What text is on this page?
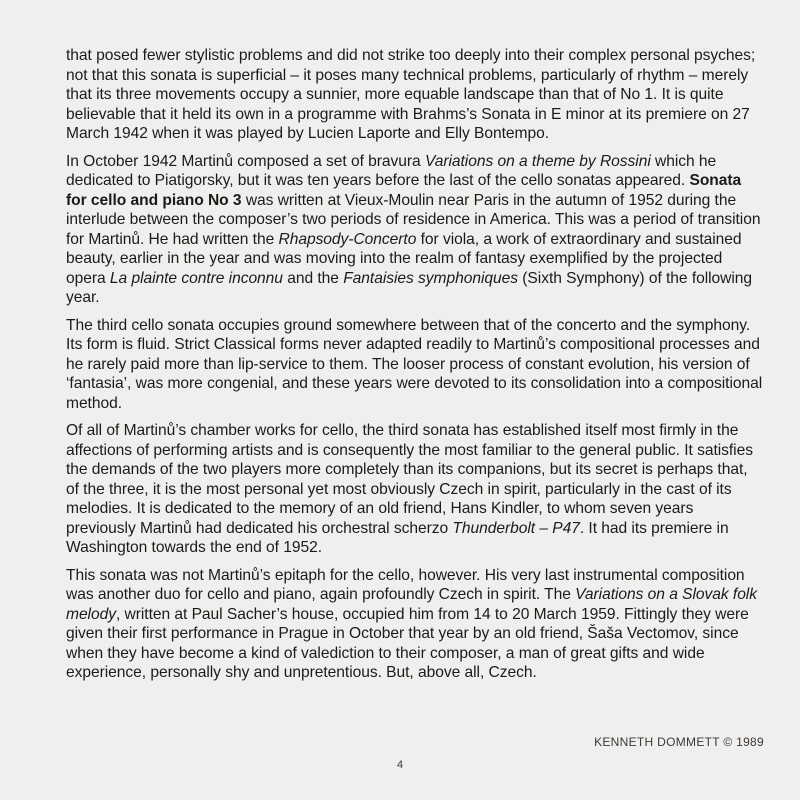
that posed fewer stylistic problems and did not strike too deeply into their complex personal psyches; not that this sonata is superficial – it poses many technical problems, particularly of rhythm – merely that its three movements occupy a sunnier, more equable landscape than that of No 1. It is quite believable that it held its own in a programme with Brahms’s Sonata in E minor at its premiere on 27 March 1942 when it was played by Lucien Laporte and Elly Bontempo.

In October 1942 Martinů composed a set of bravura Variations on a theme by Rossini which he dedicated to Piatigorsky, but it was ten years before the last of the cello sonatas appeared. Sonata for cello and piano No 3 was written at Vieux-Moulin near Paris in the autumn of 1952 during the interlude between the composer’s two periods of residence in America. This was a period of transition for Martinů. He had written the Rhapsody-Concerto for viola, a work of extraordinary and sustained beauty, earlier in the year and was moving into the realm of fantasy exemplified by the projected opera La plainte contre inconnu and the Fantaisies symphoniques (Sixth Symphony) of the following year.

The third cello sonata occupies ground somewhere between that of the concerto and the symphony. Its form is fluid. Strict Classical forms never adapted readily to Martinů’s compositional processes and he rarely paid more than lip-service to them. The looser process of constant evolution, his version of ‘fantasia’, was more congenial, and these years were devoted to its consolidation into a compositional method.

Of all of Martinů’s chamber works for cello, the third sonata has established itself most firmly in the affections of performing artists and is consequently the most familiar to the general public. It satisfies the demands of the two players more completely than its companions, but its secret is perhaps that, of the three, it is the most personal yet most obviously Czech in spirit, particularly in the cast of its melodies. It is dedicated to the memory of an old friend, Hans Kindler, to whom seven years previously Martinů had dedicated his orchestral scherzo Thunderbolt – P47. It had its premiere in Washington towards the end of 1952.

This sonata was not Martinů’s epitaph for the cello, however. His very last instrumental composition was another duo for cello and piano, again profoundly Czech in spirit. The Variations on a Slovak folk melody, written at Paul Sacher’s house, occupied him from 14 to 20 March 1959. Fittingly they were given their first performance in Prague in October that year by an old friend, Šaša Vectomov, since when they have become a kind of valediction to their composer, a man of great gifts and wide experience, personally shy and unpretentious. But, above all, Czech.

KENNETH DOMMETT © 1989
4
